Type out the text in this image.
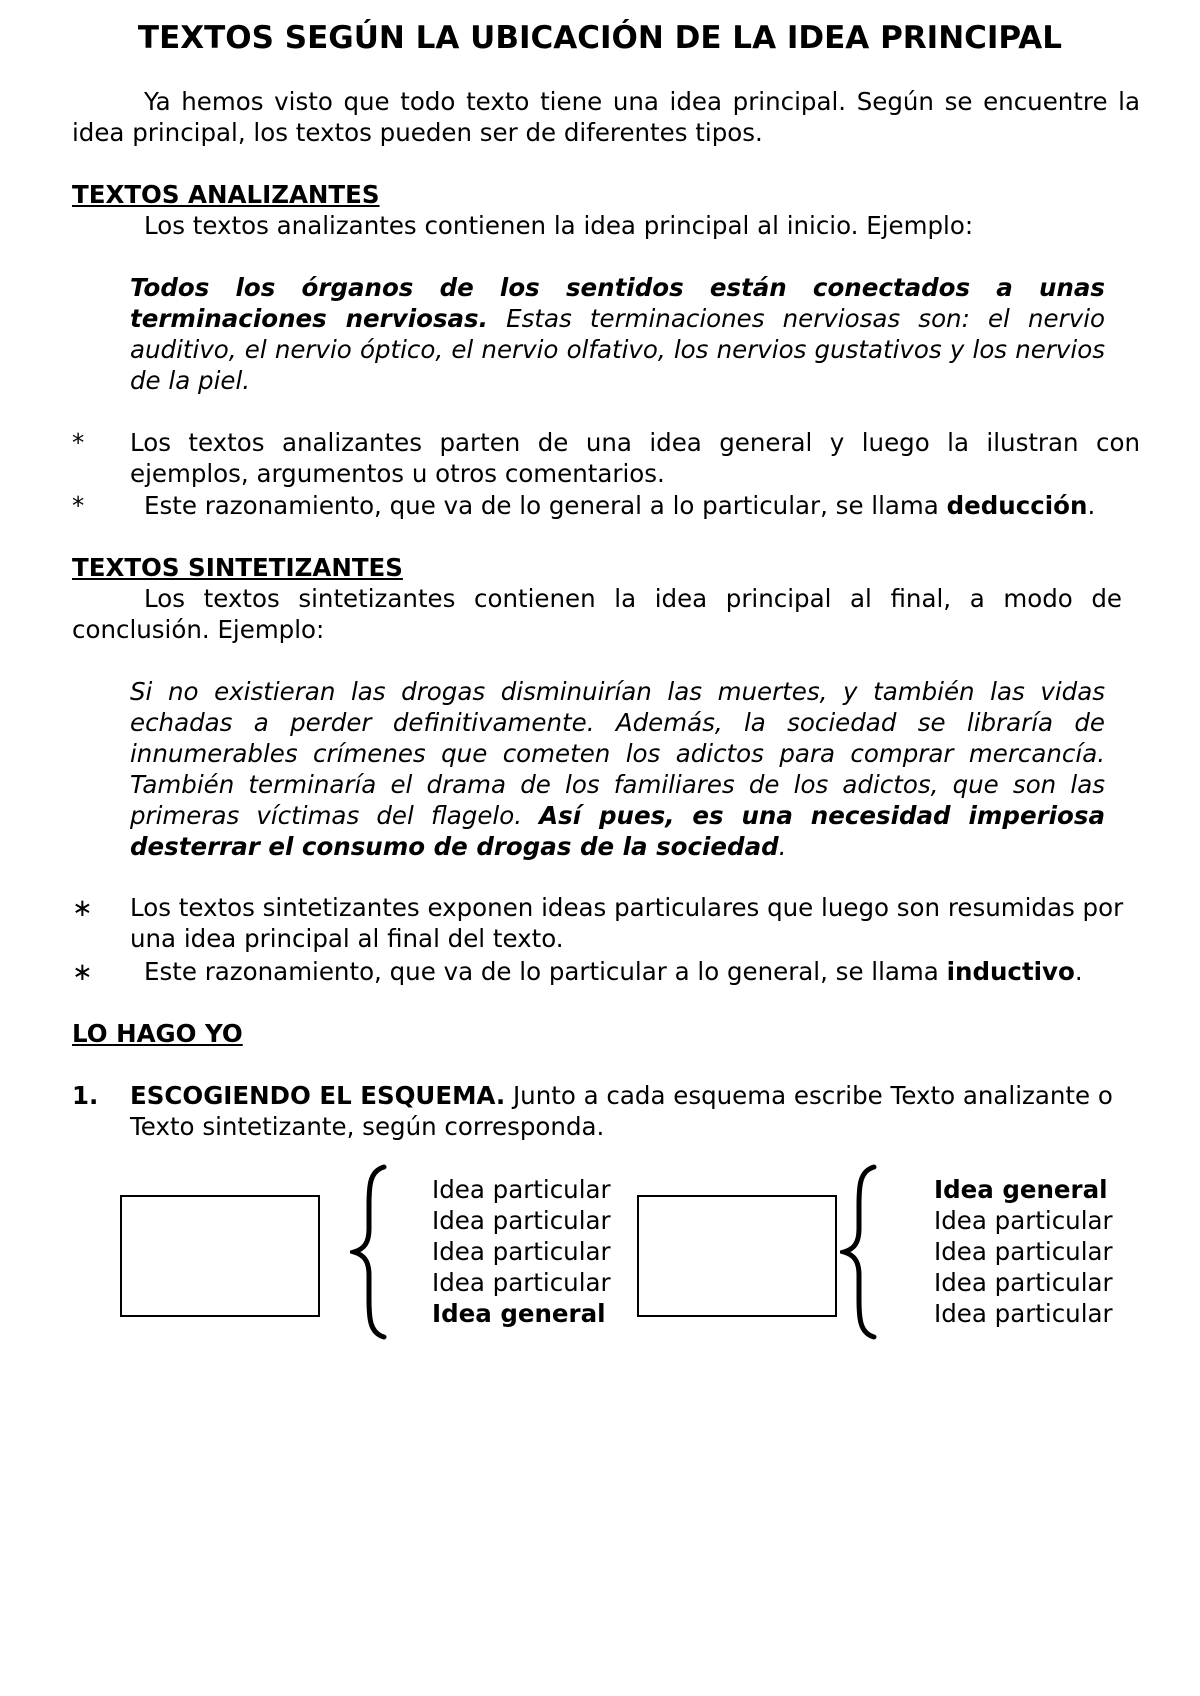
TEXTOS SEGÚN LA UBICACIÓN DE LA IDEA PRINCIPAL

Ya hemos visto que todo texto tiene una idea principal. Según se encuentre la idea principal, los textos pueden ser de diferentes tipos.

TEXTOS ANALIZANTES

Los textos analizantes contienen la idea principal al inicio. Ejemplo:

Todos los órganos de los sentidos están conectados a unas terminaciones nerviosas. Estas terminaciones nerviosas son: el nervio auditivo, el nervio óptico, el nervio olfativo, los nervios gustativos y los nervios de la piel.

* Los textos analizantes parten de una idea general y luego la ilustran con ejemplos, argumentos u otros comentarios.
* Este razonamiento, que va de lo general a lo particular, se llama deducción.
TEXTOS SINTETIZANTES

Los textos sintetizantes contienen la idea principal al final, a modo de conclusión. Ejemplo:

Si no existieran las drogas disminuirían las muertes, y también las vidas echadas a perder definitivamente. Además, la sociedad se libraría de innumerables crímenes que cometen los adictos para comprar mercancía. También terminaría el drama de los familiares de los adictos, que son las primeras víctimas del flagelo. Así pues, es una necesidad imperiosa desterrar el consumo de drogas de la sociedad.

∗ Los textos sintetizantes exponen ideas particulares que luego son resumidas por una idea principal al final del texto.
∗ Este razonamiento, que va de lo particular a lo general, se llama inductivo.
LO HAGO YO
1. ESCOGIENDO EL ESQUEMA. Junto a cada esquema escribe Texto analizante o Texto sintetizante, según corresponda.
Idea particular
Idea particular
Idea particular
Idea particular
Idea general
Idea general
Idea particular
Idea particular
Idea particular
Idea particular
